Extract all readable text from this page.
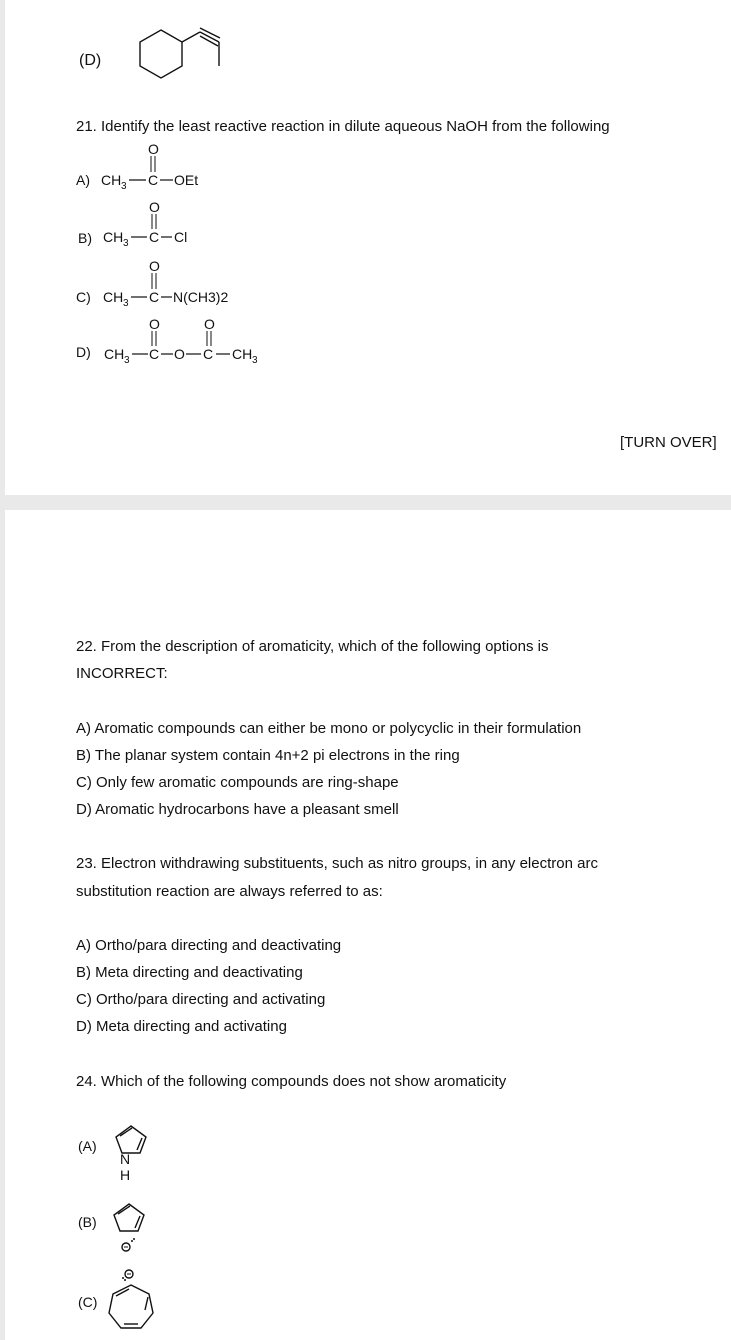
(D)
21. Identify the least reactive reaction in dilute aqueous NaOH from the following
A) CH 3 C
O
OEt
B) CH 3 C
O
Cl
C) CH 3 C
O
N(CH3)2
D) CH 3 C
O
O C
O
CH 3
[TURN OVER]
22. From the description of aromaticity, which of the following options is
INCORRECT:
A) Aromatic compounds can either be mono or polycyclic in their formulation
B) The planar system contain 4n+2 pi electrons in the ring
C) Only few aromatic compounds are ring-shape
D) Aromatic hydrocarbons have a pleasant smell
23. Electron withdrawing substituents, such as nitro groups, in any electron arc
substitution reaction are always referred to as:
A) Ortho/para directing and deactivating
B) Meta directing and deactivating
C) Ortho/para directing and activating
D) Meta directing and activating
24. Which of the following compounds does not show aromaticity
(A)
N
H
(B)
(C)
